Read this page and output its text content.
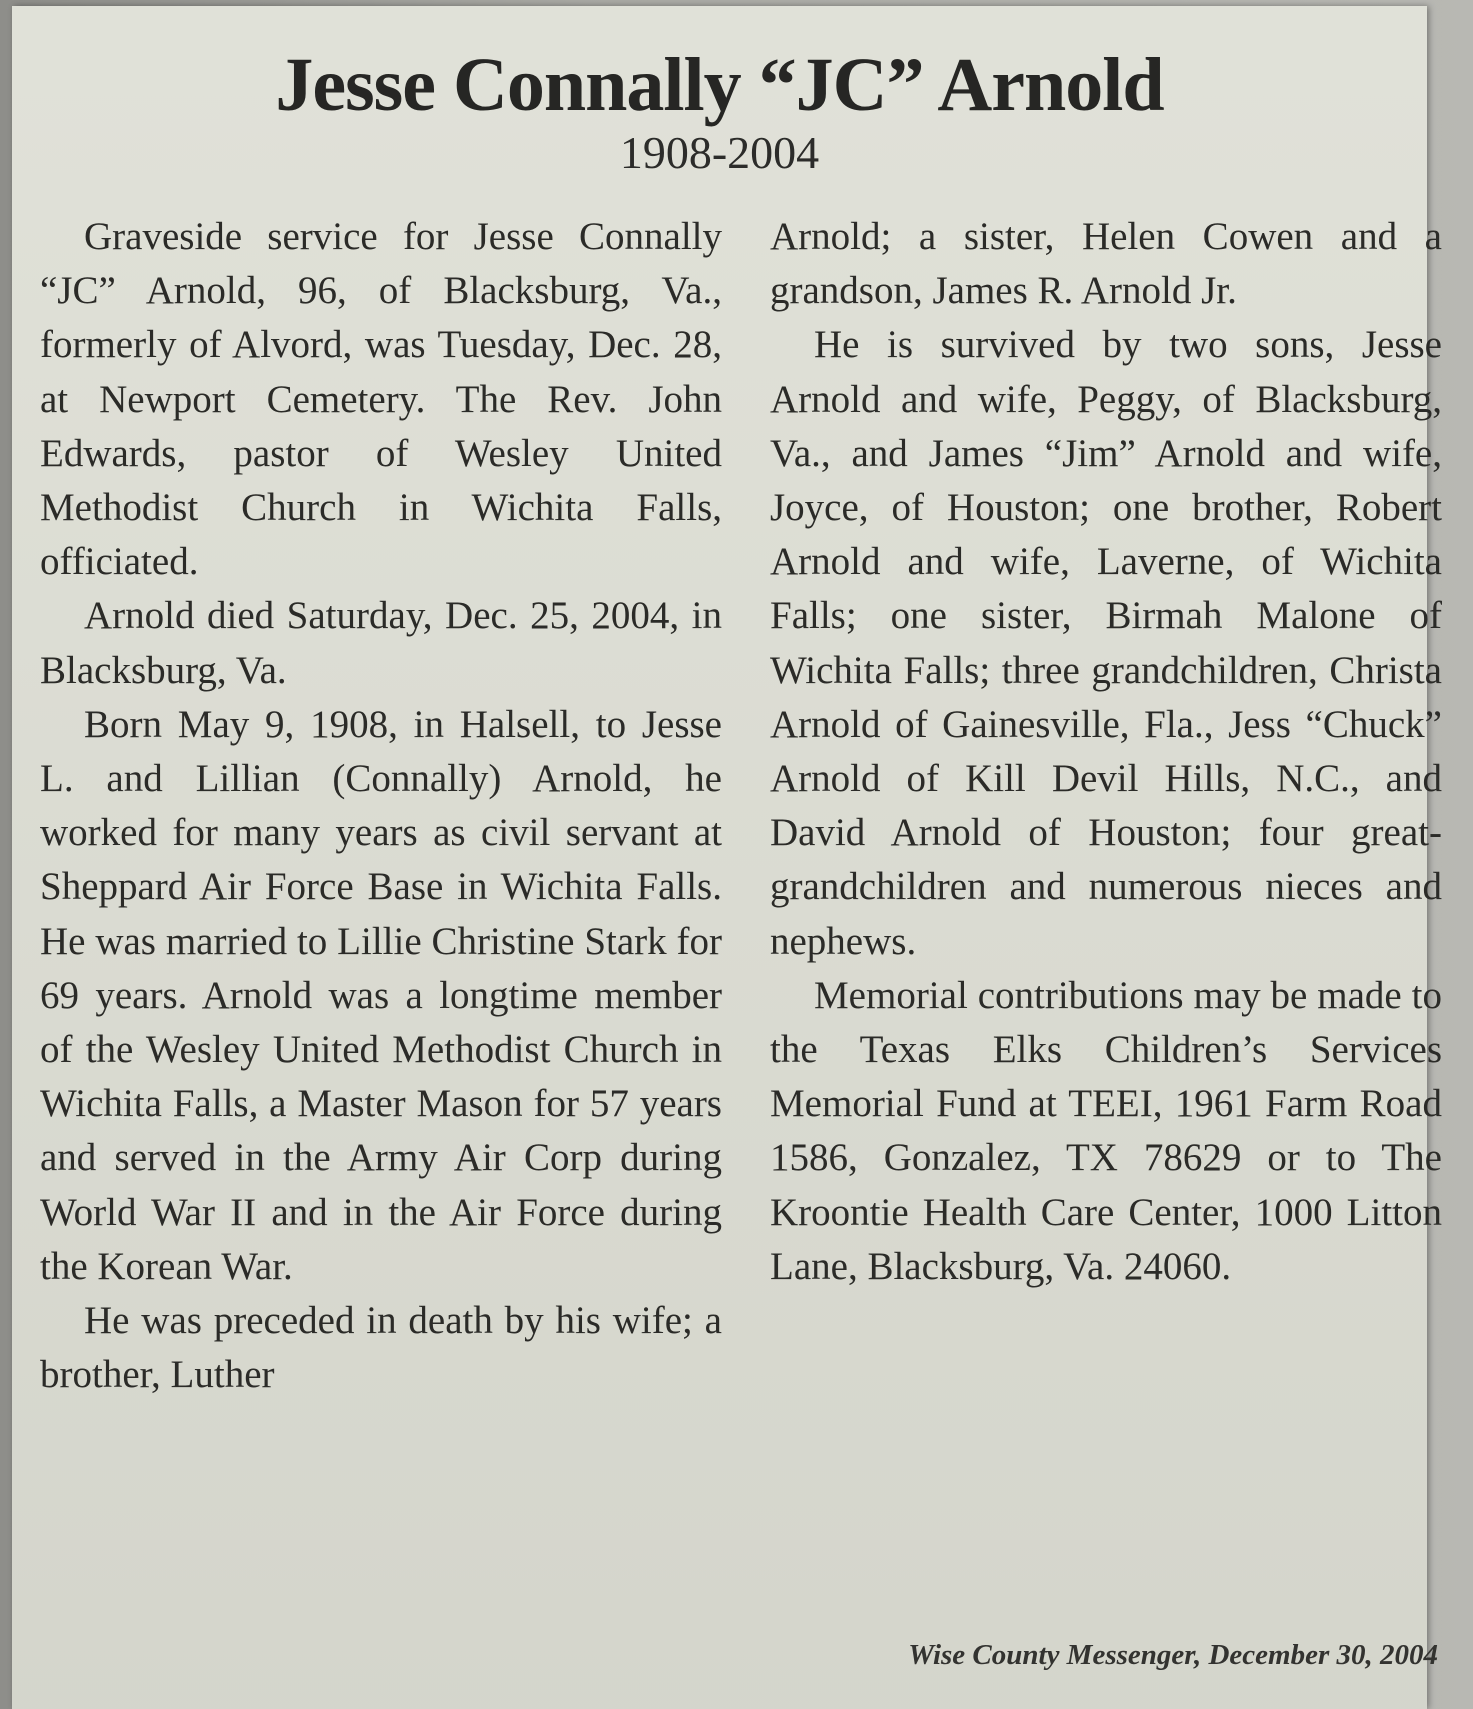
Jesse Connally “JC” Arnold
1908-2004

Graveside service for Jesse Connally “JC” Arnold, 96, of Blacksburg, Va., formerly of Alvord, was Tuesday, Dec. 28, at Newport Cemetery. The Rev. John Edwards, pastor of Wesley United Methodist Church in Wichita Falls, officiated.

Arnold died Saturday, Dec. 25, 2004, in Blacksburg, Va.

Born May 9, 1908, in Halsell, to Jesse L. and Lillian (Connally) Arnold, he worked for many years as civil servant at Sheppard Air Force Base in Wichita Falls. He was married to Lillie Christine Stark for 69 years. Arnold was a longtime member of the Wesley United Methodist Church in Wichita Falls, a Master Mason for 57 years and served in the Army Air Corp during World War II and in the Air Force during the Korean War.

He was preceded in death by his wife; a brother, Luther

Arnold; a sister, Helen Cowen and a grandson, James R. Arnold Jr.

He is survived by two sons, Jesse Arnold and wife, Peggy, of Blacksburg, Va., and James “Jim” Arnold and wife, Joyce, of Houston; one brother, Robert Arnold and wife, Laverne, of Wichita Falls; one sister, Birmah Malone of Wichita Falls; three grandchildren, Christa Arnold of Gainesville, Fla., Jess “Chuck” Arnold of Kill Devil Hills, N.C., and David Arnold of Houston; four great-grandchildren and numerous nieces and nephews.

Memorial contributions may be made to the Texas Elks Children’s Services Memorial Fund at TEEI, 1961 Farm Road 1586, Gonzalez, TX 78629 or to The Kroontie Health Care Center, 1000 Litton Lane, Blacksburg, Va. 24060.

Wise County Messenger, December 30, 2004
